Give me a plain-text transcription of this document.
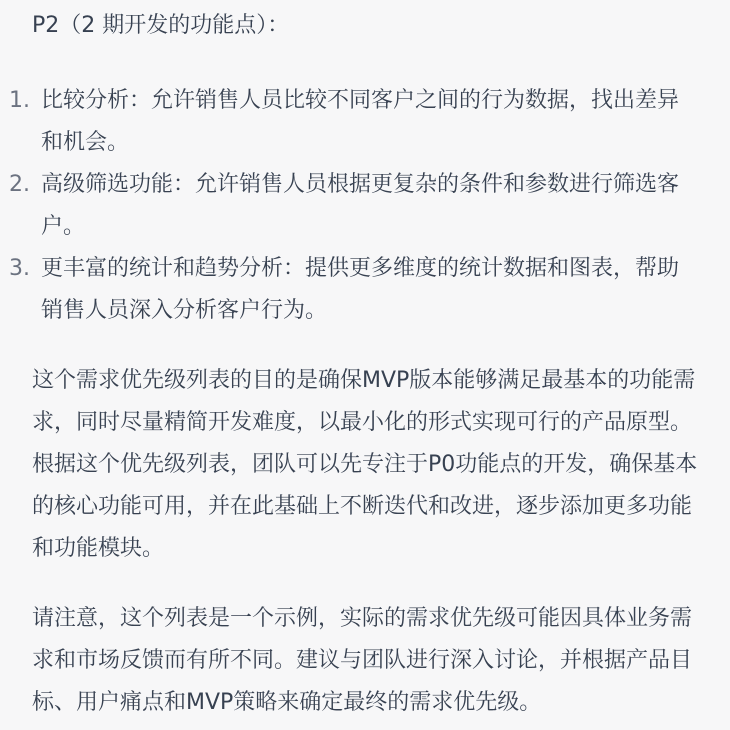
P2（2 期开发的功能点）：
1. 比较分析：允许销售人员比较不同客户之间的行为数据，找出差异和机会。
2. 高级筛选功能：允许销售人员根据更复杂的条件和参数进行筛选客户。
3. 更丰富的统计和趋势分析：提供更多维度的统计数据和图表，帮助销售人员深入分析客户行为。
这个需求优先级列表的目的是确保MVP版本能够满足最基本的功能需求，同时尽量精简开发难度，以最小化的形式实现可行的产品原型。根据这个优先级列表，团队可以先专注于P0功能点的开发，确保基本的核心功能可用，并在此基础上不断迭代和改进，逐步添加更多功能和功能模块。
请注意，这个列表是一个示例，实际的需求优先级可能因具体业务需求和市场反馈而有所不同。建议与团队进行深入讨论，并根据产品目标、用户痛点和MVP策略来确定最终的需求优先级。
